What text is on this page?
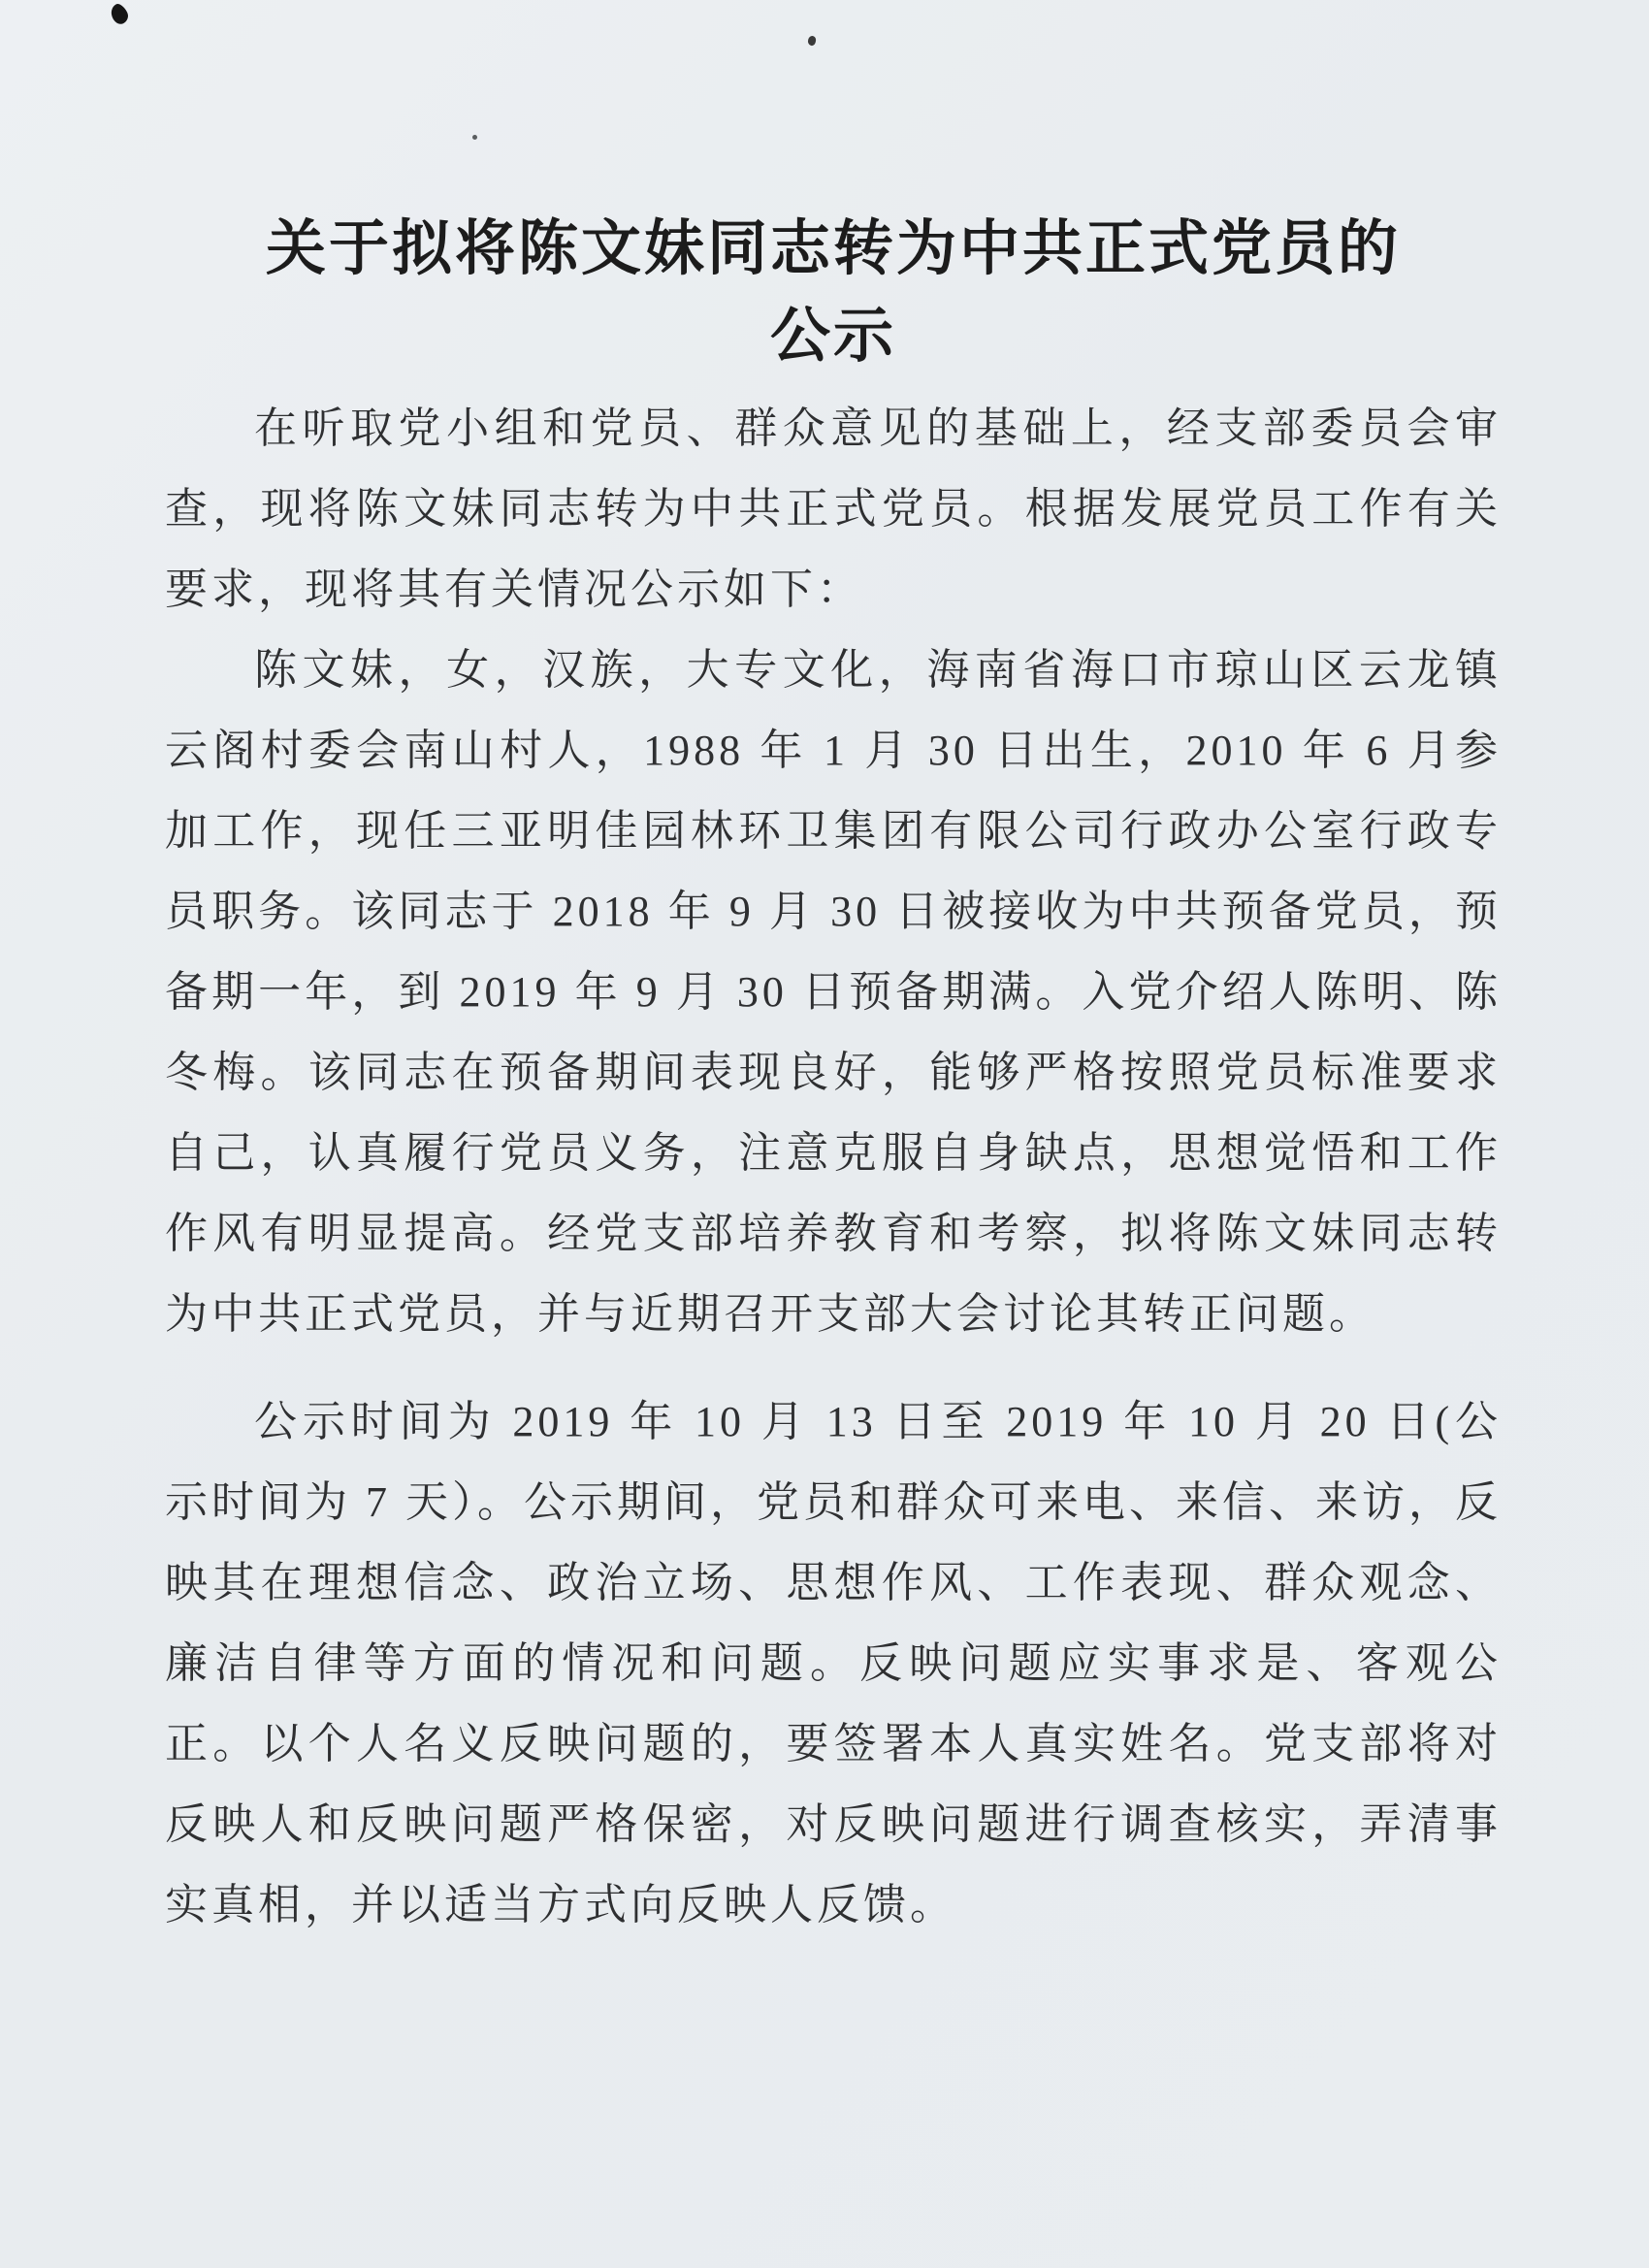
关于拟将陈文妹同志转为中共正式党员的
公示

在听取党小组和党员、群众意见的基础上，经支部委员会审查，现将陈文妹同志转为中共正式党员。根据发展党员工作有关要求，现将其有关情况公示如下：

陈文妹，女，汉族，大专文化，海南省海口市琼山区云龙镇云阁村委会南山村人，1988 年 1 月 30 日出生，2010 年 6 月参加工作，现任三亚明佳园林环卫集团有限公司行政办公室行政专员职务。该同志于 2018 年 9 月 30 日被接收为中共预备党员，预备期一年，到 2019 年 9 月 30 日预备期满。入党介绍人陈明、陈冬梅。该同志在预备期间表现良好，能够严格按照党员标准要求自己，认真履行党员义务，注意克服自身缺点，思想觉悟和工作作风有明显提高。经党支部培养教育和考察，拟将陈文妹同志转为中共正式党员，并与近期召开支部大会讨论其转正问题。

公示时间为 2019 年 10 月 13 日至 2019 年 10 月 20 日(公示时间为 7 天）。公示期间，党员和群众可来电、来信、来访，反映其在理想信念、政治立场、思想作风、工作表现、群众观念、廉洁自律等方面的情况和问题。反映问题应实事求是、客观公正。以个人名义反映问题的，要签署本人真实姓名。党支部将对反映人和反映问题严格保密，对反映问题进行调查核实，弄清事实真相，并以适当方式向反映人反馈。
